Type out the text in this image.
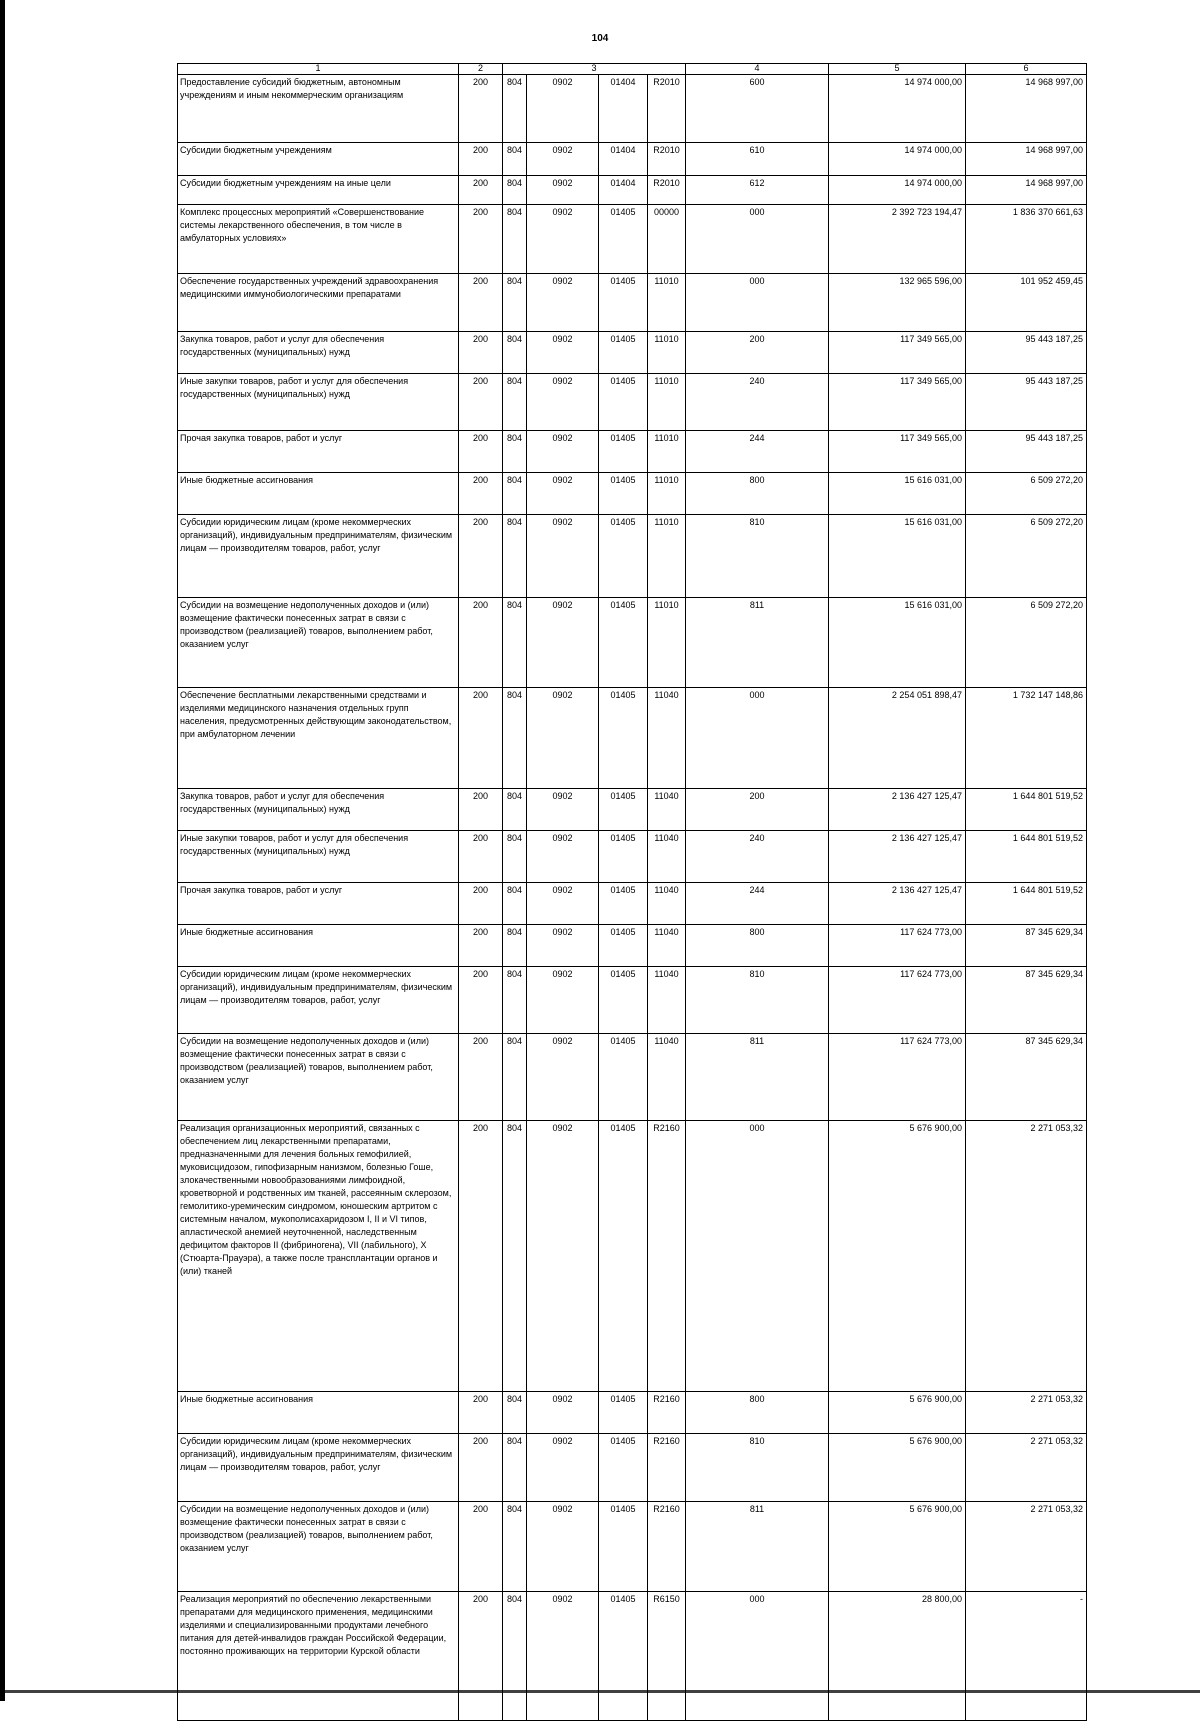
104
1	2	3				4	5	6	
Предоставление субсидий бюджетным, автономным учреждениям и иным некоммерческим организациям	200	804	0902	01404	R2010	600	14 974 000,00	14 968 997,00	
Субсидии бюджетным учреждениям	200	804	0902	01404	R2010	610	14 974 000,00	14 968 997,00	
Субсидии бюджетным учреждениям на иные цели	200	804	0902	01404	R2010	612	14 974 000,00	14 968 997,00	
Комплекс процессных мероприятий «Совершенствование системы лекарственного обеспечения, в том числе в амбулаторных условиях»	200	804	0902	01405	00000	000	2 392 723 194,47	1 836 370 661,63	
Обеспечение государственных учреждений здравоохранения медицинскими иммунобиологическими препаратами	200	804	0902	01405	11010	000	132 965 596,00	101 952 459,45	
Закупка товаров, работ и услуг для обеспечения государственных (муниципальных) нужд	200	804	0902	01405	11010	200	117 349 565,00	95 443 187,25	
Иные закупки товаров, работ и услуг для обеспечения государственных (муниципальных) нужд	200	804	0902	01405	11010	240	117 349 565,00	95 443 187,25	
Прочая закупка товаров, работ и услуг	200	804	0902	01405	11010	244	117 349 565,00	95 443 187,25	
Иные бюджетные ассигнования	200	804	0902	01405	11010	800	15 616 031,00	6 509 272,20	
Субсидии юридическим лицам (кроме некоммерческих организаций), индивидуальным предпринимателям, физическим лицам — производителям товаров, работ, услуг	200	804	0902	01405	11010	810	15 616 031,00	6 509 272,20	
Субсидии на возмещение недополученных доходов и (или) возмещение фактически понесенных затрат в связи с производством (реализацией) товаров, выполнением работ, оказанием услуг	200	804	0902	01405	11010	811	15 616 031,00	6 509 272,20	
Обеспечение бесплатными лекарственными средствами и изделиями медицинского назначения отдельных групп населения, предусмотренных действующим законодательством, при амбулаторном лечении	200	804	0902	01405	11040	000	2 254 051 898,47	1 732 147 148,86	
Закупка товаров, работ и услуг для обеспечения государственных (муниципальных) нужд	200	804	0902	01405	11040	200	2 136 427 125,47	1 644 801 519,52	
Иные закупки товаров, работ и услуг для обеспечения государственных (муниципальных) нужд	200	804	0902	01405	11040	240	2 136 427 125,47	1 644 801 519,52	
Прочая закупка товаров, работ и услуг	200	804	0902	01405	11040	244	2 136 427 125,47	1 644 801 519,52	
Иные бюджетные ассигнования	200	804	0902	01405	11040	800	117 624 773,00	87 345 629,34	
Субсидии юридическим лицам (кроме некоммерческих организаций), индивидуальным предпринимателям, физическим лицам — производителям товаров, работ, услуг	200	804	0902	01405	11040	810	117 624 773,00	87 345 629,34	
Субсидии на возмещение недополученных доходов и (или) возмещение фактически понесенных затрат в связи с производством (реализацией) товаров, выполнением работ, оказанием услуг	200	804	0902	01405	11040	811	117 624 773,00	87 345 629,34	
Реализация организационных мероприятий, связанных с обеспечением лиц лекарственными препаратами, предназначенными для лечения больных гемофилией, муковисцидозом, гипофизарным нанизмом, болезнью Гоше, злокачественными новообразованиями лимфоидной, кроветворной и родственных им тканей, рассеянным склерозом, гемолитико-уремическим синдромом, юношеским артритом с системным началом, мукополисахаридозом I, II и VI типов, апластической анемией неуточненной, наследственным дефицитом факторов II (фибриногена), VII (лабильного), X (Стюарта-Прауэра), а также после трансплантации органов и (или) тканей	200	804	0902	01405	R2160	000	5 676 900,00	2 271 053,32	
Иные бюджетные ассигнования	200	804	0902	01405	R2160	800	5 676 900,00	2 271 053,32	
Субсидии юридическим лицам (кроме некоммерческих организаций), индивидуальным предпринимателям, физическим лицам — производителям товаров, работ, услуг	200	804	0902	01405	R2160	810	5 676 900,00	2 271 053,32	
Субсидии на возмещение недополученных доходов и (или) возмещение фактически понесенных затрат в связи с производством (реализацией) товаров, выполнением работ, оказанием услуг	200	804	0902	01405	R2160	811	5 676 900,00	2 271 053,32	
Реализация мероприятий по обеспечению лекарственными препаратами для медицинского применения, медицинскими изделиями и специализированными продуктами лечебного питания для детей-инвалидов граждан Российской Федерации, постоянно проживающих на территории Курской области	200	804	0902	01405	R6150	000	28 800,00	-	
